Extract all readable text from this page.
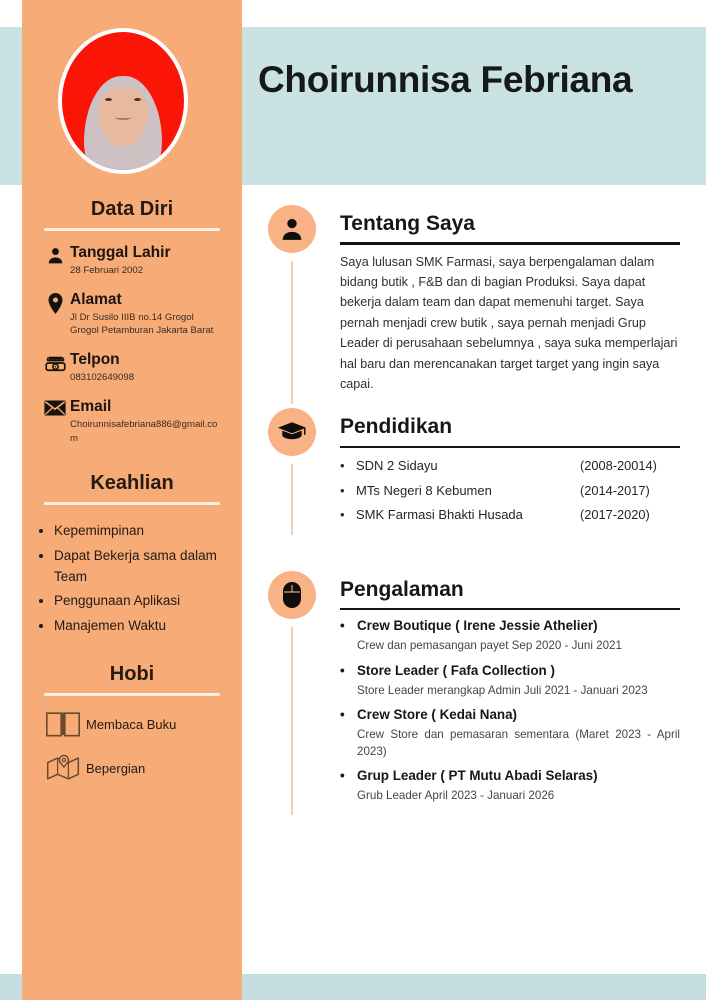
Data Diri
Tanggal Lahir
28 Februari 2002
Alamat
Jl Dr Susilo IIIB no.14 Grogol Grogol Petamburan Jakarta Barat
Telpon
083102649098
Email
Choirunnisafebriana886@gmail.com
Keahlian
• Kepemimpinan
• Dapat Bekerja sama dalam Team
• Penggunaan Aplikasi
• Manajemen Waktu
Hobi
Membaca Buku
Bepergian
Choirunnisa Febriana
Tentang Saya
Saya lulusan SMK Farmasi, saya berpengalaman dalam bidang butik , F&B dan di bagian Produksi. Saya dapat bekerja dalam team dan dapat memenuhi target. Saya pernah menjadi crew butik , saya pernah menjadi Grup Leader di perusahaan sebelumnya , saya suka memperlajari hal baru dan merencanakan target target yang ingin saya capai.
Pendidikan
• SDN 2 Sidayu	(2008-20014)
• MTs Negeri 8 Kebumen	(2014-2017)
• SMK Farmasi Bhakti Husada	(2017-2020)
Pengalaman
• Crew Boutique ( Irene Jessie Athelier)
Crew dan pemasangan payet Sep 2020 - Juni 2021
• Store Leader ( Fafa Collection )
Store Leader merangkap Admin Juli 2021 - Januari 2023
• Crew Store ( Kedai Nana)
Crew Store dan pemasaran sementara (Maret 2023 - April 2023)
• Grup Leader ( PT Mutu Abadi Selaras)
Grub Leader April 2023 - Januari 2026
